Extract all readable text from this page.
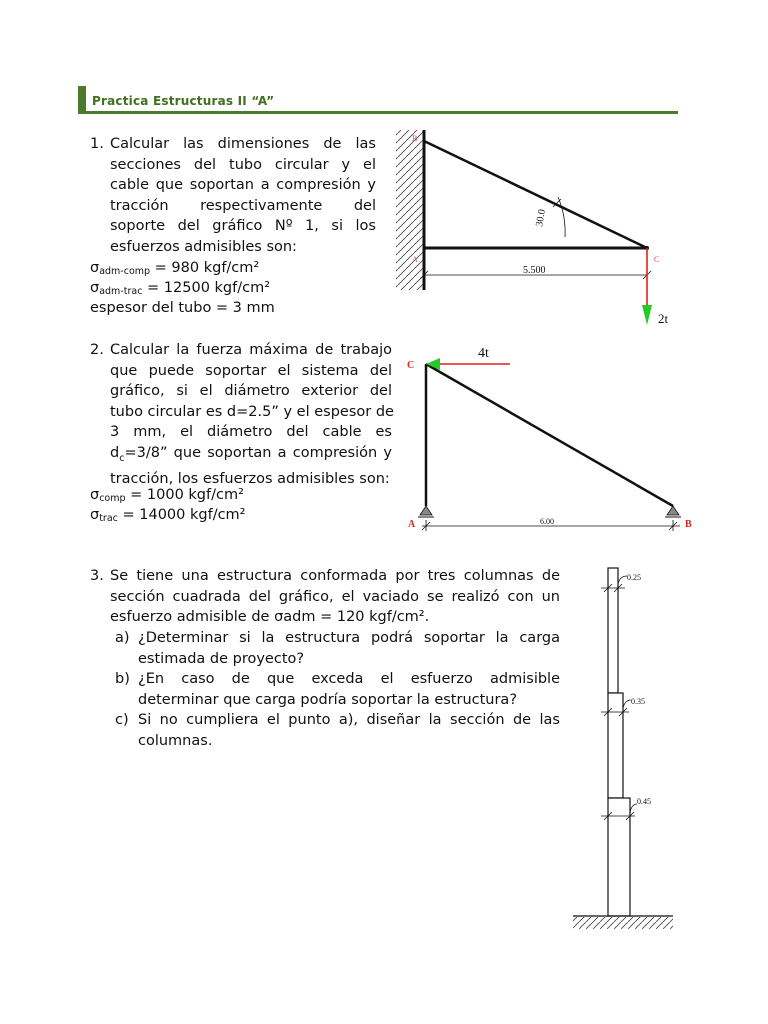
Practica Estructuras II “A”
1. Calcular las dimensiones de las
secciones del tubo circular y el
cable que soportan a compresión y
tracción respectivamente del
soporte del gráfico Nº 1, si los
esfuerzos admisibles son:
$\sigma_{adm-comp} = 980$ kgf/cm²
$\sigma_{adm-trac} = 12500$ kgf/cm²
espesor del tubo = 3 mm
30.0
5.500
2t
B
A	C
2. Calcular la fuerza máxima de trabajo
que puede soportar el sistema del
gráfico, si el diámetro exterior del
tubo circular es d=2.5” y el espesor de
3 mm, el diámetro del cable es
$d_c=3/8$” que soportan a compresión y
tracción, los esfuerzos admisibles son:
$\sigma_{comp} = 1000$ kgf/cm²
$\sigma_{trac} = 14000$ kgf/cm²
4t
C
6.00
A	B
3. Se tiene una estructura conformada por tres columnas de
sección cuadrada del gráfico, el vaciado se realizó con un
esfuerzo admisible de σadm = 120 kgf/cm².
a) ¿Determinar si la estructura podrá soportar la carga
estimada de proyecto?
b) ¿En caso de que exceda el esfuerzo admisible
determinar que carga podría soportar la estructura?
c) Si no cumpliera el punto a), diseñar la sección de las
columnas.
0.25
0.35
0.45
